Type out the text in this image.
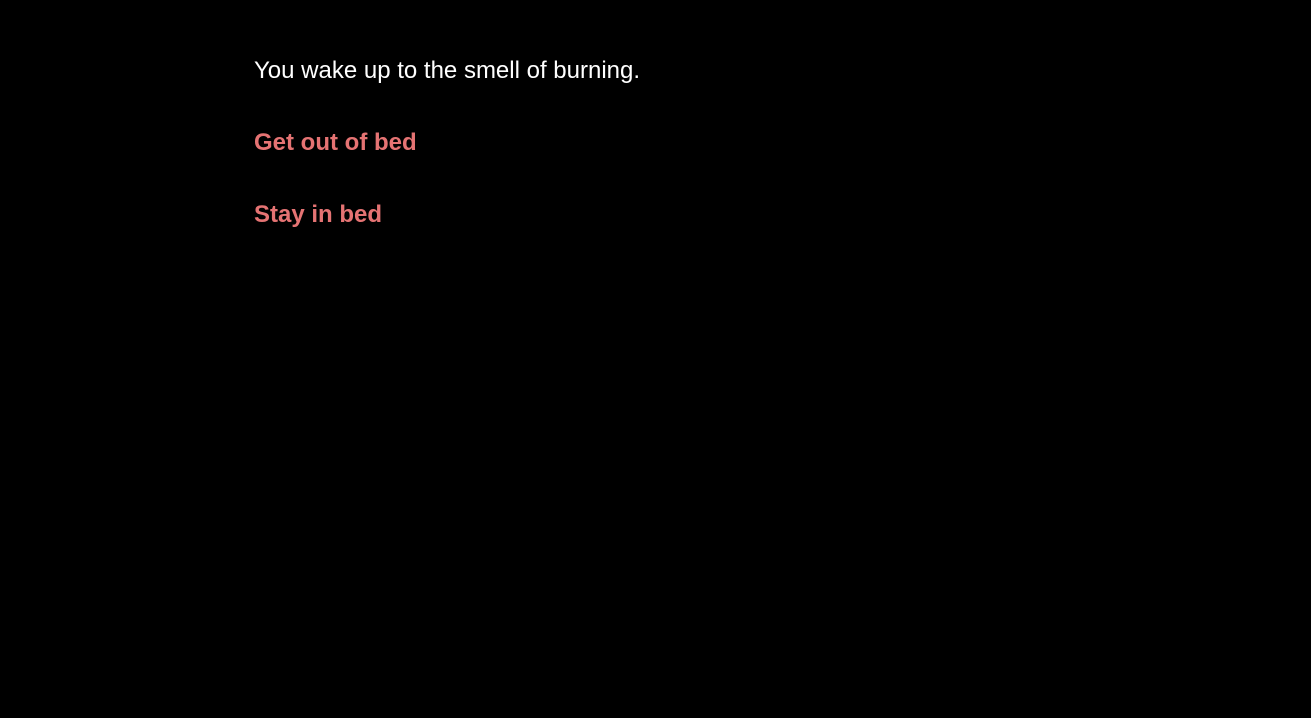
You wake up to the smell of burning.

Get out of bed

Stay in bed
